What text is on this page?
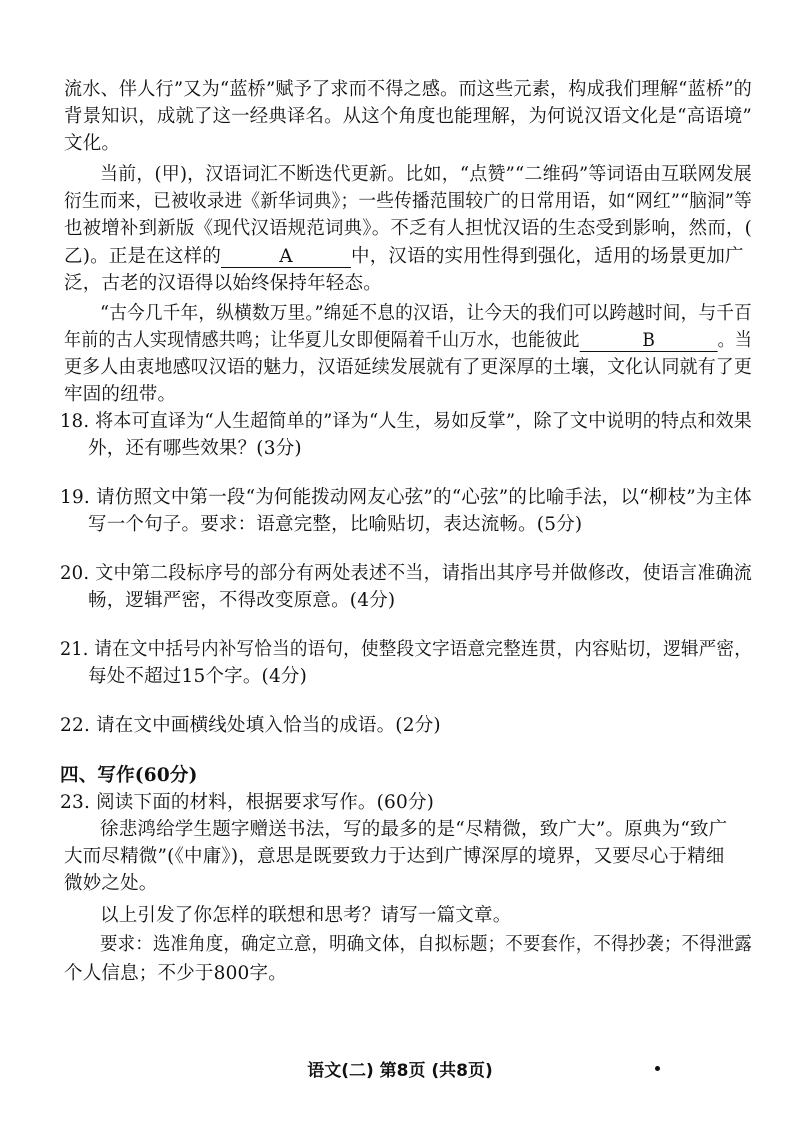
流水、伴人行”又为“蓝桥”赋予了求而不得之感。而这些元素，构成我们理解“蓝桥”的
背景知识，成就了这一经典译名。从这个角度也能理解，为何说汉语文化是“高语境”
文化。
当前，(甲)，汉语词汇不断迭代更新。比如，“点赞”“二维码”等词语由互联网发展
衍生而来，已被收录进《新华词典》；一些传播范围较广的日常用语，如“网红”“脑洞”等
也被增补到新版《现代汉语规范词典》。不乏有人担忧汉语的生态受到影响，然而，(
乙)。正是在这样的	A	中，汉语的实用性得到强化，适用的场景更加广
泛，古老的汉语得以始终保持年轻态。
“古今几千年，纵横数万里。”绵延不息的汉语，让今天的我们可以跨越时间，与千百
年前的古人实现情感共鸣；让华夏儿女即便隔着千山万水，也能彼此	B	。当
更多人由衷地感叹汉语的魅力，汉语延续发展就有了更深厚的土壤，文化认同就有了更
牢固的纽带。
18. 将本可直译为“人生超简单的”译为“人生，易如反掌”，除了文中说明的特点和效果
外，还有哪些效果？(3分)
19. 请仿照文中第一段“为何能拨动网友心弦”的“心弦”的比喻手法，以“柳枝”为主体
写一个句子。要求：语意完整，比喻贴切，表达流畅。(5分)
20. 文中第二段标序号的部分有两处表述不当，请指出其序号并做修改，使语言准确流
畅，逻辑严密，不得改变原意。(4分)
21. 请在文中括号内补写恰当的语句，使整段文字语意完整连贯，内容贴切，逻辑严密，
每处不超过15个字。(4分)
22. 请在文中画横线处填入恰当的成语。(2分)
四、写作(60分)
23. 阅读下面的材料，根据要求写作。(60分)
徐悲鸿给学生题字赠送书法，写的最多的是“尽精微，致广大”。原典为“致广
大而尽精微”(《中庸》)，意思是既要致力于达到广博深厚的境界，又要尽心于精细
微妙之处。
以上引发了你怎样的联想和思考？请写一篇文章。
要求：选准角度，确定立意，明确文体，自拟标题；不要套作，不得抄袭；不得泄露
个人信息；不少于800字。
语文(二) 第8页 (共8页)
